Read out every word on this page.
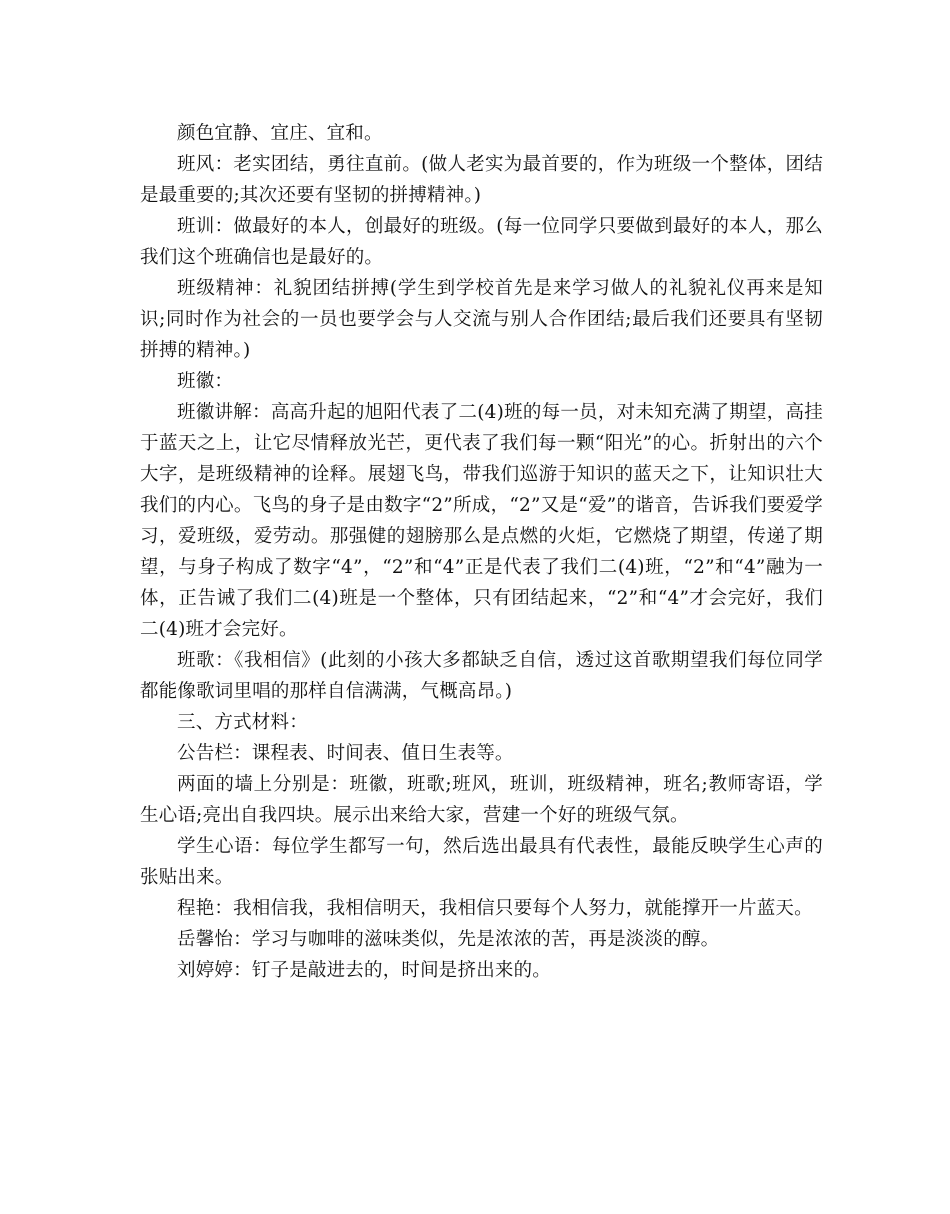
颜色宜静、宜庄、宜和。

班风：老实团结，勇往直前。(做人老实为最首要的，作为班级一个整体，团结是最重要的;其次还要有坚韧的拼搏精神。)

班训：做最好的本人，创最好的班级。(每一位同学只要做到最好的本人，那么我们这个班确信也是最好的。

班级精神：礼貌团结拼搏(学生到学校首先是来学习做人的礼貌礼仪再来是知识;同时作为社会的一员也要学会与人交流与别人合作团结;最后我们还要具有坚韧拼搏的精神。)

班徽：

班徽讲解：高高升起的旭阳代表了二(4)班的每一员，对未知充满了期望，高挂于蓝天之上，让它尽情释放光芒，更代表了我们每一颗“阳光”的心。折射出的六个大字，是班级精神的诠释。展翅飞鸟，带我们巡游于知识的蓝天之下，让知识壮大我们的内心。飞鸟的身子是由数字“2”所成，“2”又是“爱”的谐音，告诉我们要爱学习，爱班级，爱劳动。那强健的翅膀那么是点燃的火炬，它燃烧了期望，传递了期望，与身子构成了数字“4”，“2”和“4”正是代表了我们二(4)班，“2”和“4”融为一体，正告诫了我们二(4)班是一个整体，只有团结起来，“2”和“4”才会完好，我们二(4)班才会完好。

班歌：《我相信》(此刻的小孩大多都缺乏自信，透过这首歌期望我们每位同学都能像歌词里唱的那样自信满满，气概高昂。)

三、方式材料：

公告栏：课程表、时间表、值日生表等。

两面的墙上分别是：班徽，班歌;班风，班训，班级精神，班名;教师寄语，学生心语;亮出自我四块。展示出来给大家，营建一个好的班级气氛。

学生心语：每位学生都写一句，然后选出最具有代表性，最能反映学生心声的张贴出来。

程艳：我相信我，我相信明天，我相信只要每个人努力，就能撑开一片蓝天。

岳馨怡：学习与咖啡的滋味类似，先是浓浓的苦，再是淡淡的醇。

刘婷婷：钉子是敲进去的，时间是挤出来的。
